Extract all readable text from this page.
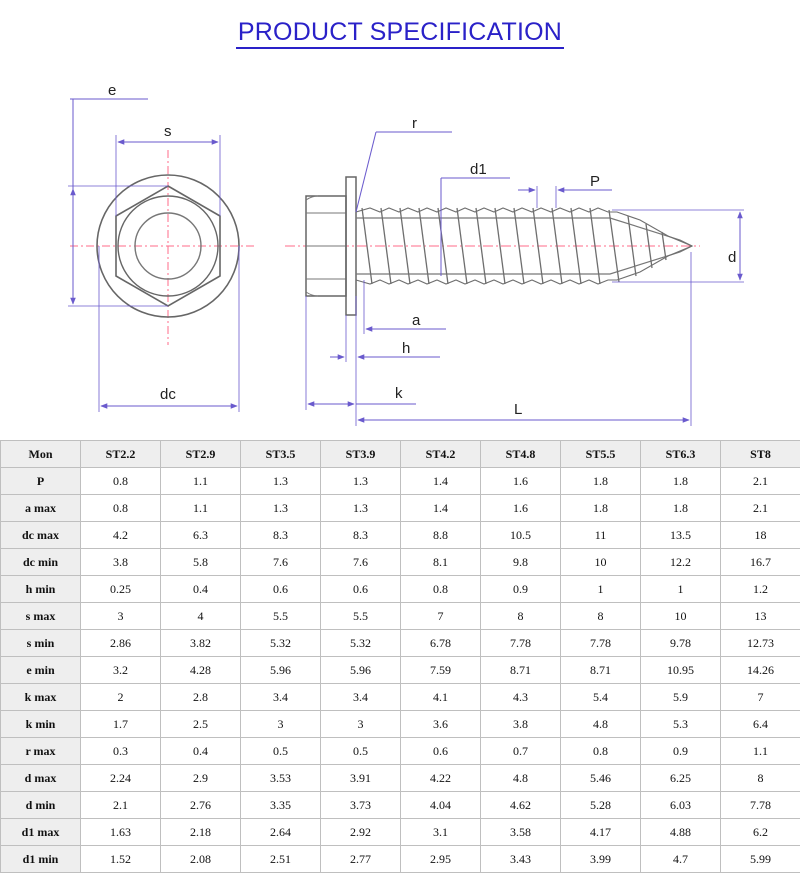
PRODUCT SPECIFICATION
e
s
dc
r
d1
P
d
a
h
k
L
Mon	ST2.2	ST2.9	ST3.5	ST3.9	ST4.2	ST4.8	ST5.5	ST6.3	ST8
P	0.8	1.1	1.3	1.3	1.4	1.6	1.8	1.8	2.1
a max	0.8	1.1	1.3	1.3	1.4	1.6	1.8	1.8	2.1
dc max	4.2	6.3	8.3	8.3	8.8	10.5	11	13.5	18
dc min	3.8	5.8	7.6	7.6	8.1	9.8	10	12.2	16.7
h min	0.25	0.4	0.6	0.6	0.8	0.9	1	1	1.2
s max	3	4	5.5	5.5	7	8	8	10	13
s min	2.86	3.82	5.32	5.32	6.78	7.78	7.78	9.78	12.73
e min	3.2	4.28	5.96	5.96	7.59	8.71	8.71	10.95	14.26
k max	2	2.8	3.4	3.4	4.1	4.3	5.4	5.9	7
k min	1.7	2.5	3	3	3.6	3.8	4.8	5.3	6.4
r max	0.3	0.4	0.5	0.5	0.6	0.7	0.8	0.9	1.1
d max	2.24	2.9	3.53	3.91	4.22	4.8	5.46	6.25	8
d min	2.1	2.76	3.35	3.73	4.04	4.62	5.28	6.03	7.78
d1 max	1.63	2.18	2.64	2.92	3.1	3.58	4.17	4.88	6.2
d1 min	1.52	2.08	2.51	2.77	2.95	3.43	3.99	4.7	5.99
